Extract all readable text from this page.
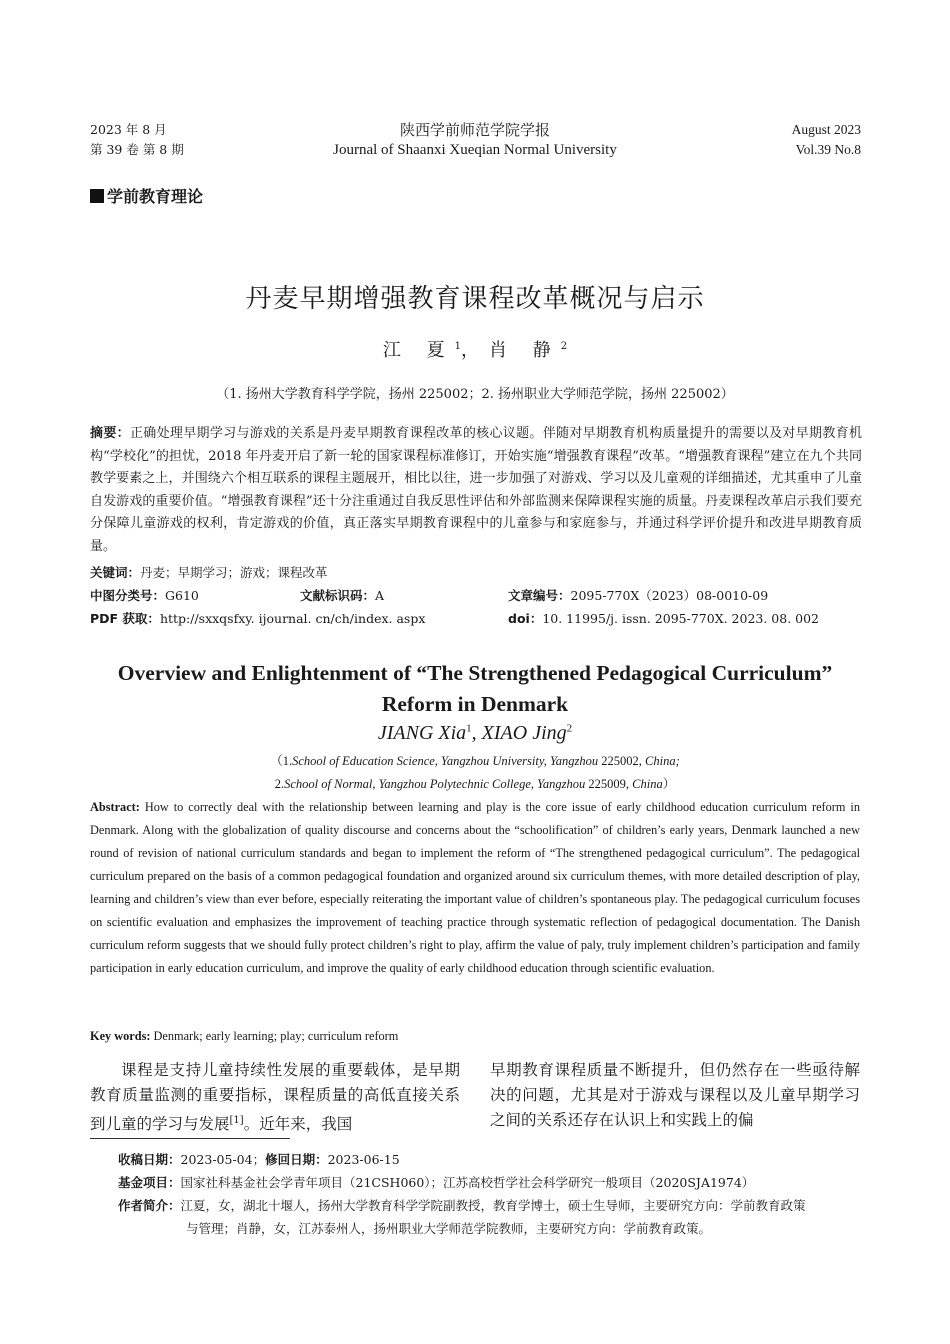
2023 年 8 月
第 39 卷 第 8 期
陕西学前师范学院学报
Journal of Shaanxi Xueqian Normal University
August 2023
Vol.39 No.8
学前教育理论
丹麦早期增强教育课程改革概况与启示
江 夏$^1$，肖 静$^2$
（1. 扬州大学教育科学学院，扬州 225002；2. 扬州职业大学师范学院，扬州 225002）
摘要：正确处理早期学习与游戏的关系是丹麦早期教育课程改革的核心议题。伴随对早期教育机构质量提升的需要以及对早期教育机构“学校化”的担忧，2018 年丹麦开启了新一轮的国家课程标准修订，开始实施“增强教育课程”改革。“增强教育课程”建立在九个共同教学要素之上，并围绕六个相互联系的课程主题展开，相比以往，进一步加强了对游戏、学习以及儿童观的详细描述，尤其重申了儿童自发游戏的重要价值。“增强教育课程”还十分注重通过自我反思性评估和外部监测来保障课程实施的质量。丹麦课程改革启示我们要充分保障儿童游戏的权利，肯定游戏的价值，真正落实早期教育课程中的儿童参与和家庭参与，并通过科学评价提升和改进早期教育质量。
关键词：丹麦；早期学习；游戏；课程改革
中图分类号：G610	文献标识码：A	文章编号：2095-770X（2023）08-0010-09
PDF 获取：http://sxxqsfxy. ijournal. cn/ch/index. aspx	doi：10. 11995/j. issn. 2095-770X. 2023. 08. 002
Overview and Enlightenment of “The Strengthened Pedagogical Curriculum”
Reform in Denmark
JIANG Xia$^1$, XIAO Jing$^2$
（1.School of Education Science, Yangzhou University, Yangzhou 225002, China;
2.School of Normal, Yangzhou Polytechnic College, Yangzhou 225009, China）
Abstract: How to correctly deal with the relationship between learning and play is the core issue of early childhood education curriculum reform in Denmark. Along with the globalization of quality discourse and concerns about the “schoolification” of children’s early years, Denmark launched a new round of revision of national curriculum standards and began to implement the reform of “The strengthened pedagogical curriculum”. The pedagogical curriculum prepared on the basis of a common pedagogical foundation and organized around six curriculum themes, with more detailed description of play, learning and children’s view than ever before, especially reiterating the important value of children’s spontaneous play. The pedagogical curriculum focuses on scientific evaluation and emphasizes the improvement of teaching practice through systematic reflection of pedagogical documentation. The Danish curriculum reform suggests that we should fully protect children’s right to play, affirm the value of paly, truly implement children’s participation and family participation in early education curriculum, and improve the quality of early childhood education through scientific evaluation.
Key words: Denmark; early learning; play; curriculum reform
课程是支持儿童持续性发展的重要载体，是早期教育质量监测的重要指标，课程质量的高低直接关系到儿童的学习与发展[1]。近年来，我国
早期教育课程质量不断提升，但仍然存在一些亟待解决的问题，尤其是对于游戏与课程以及儿童早期学习之间的关系还存在认识上和实践上的偏
收稿日期：2023-05-04；修回日期：2023-06-15
基金项目：国家社科基金社会学青年项目（21CSH060）；江苏高校哲学社会科学研究一般项目（2020SJA1974）
作者简介：江夏，女，湖北十堰人，扬州大学教育科学学院副教授，教育学博士，硕士生导师，主要研究方向：学前教育政策
与管理；肖静，女，江苏泰州人，扬州职业大学师范学院教师，主要研究方向：学前教育政策。
